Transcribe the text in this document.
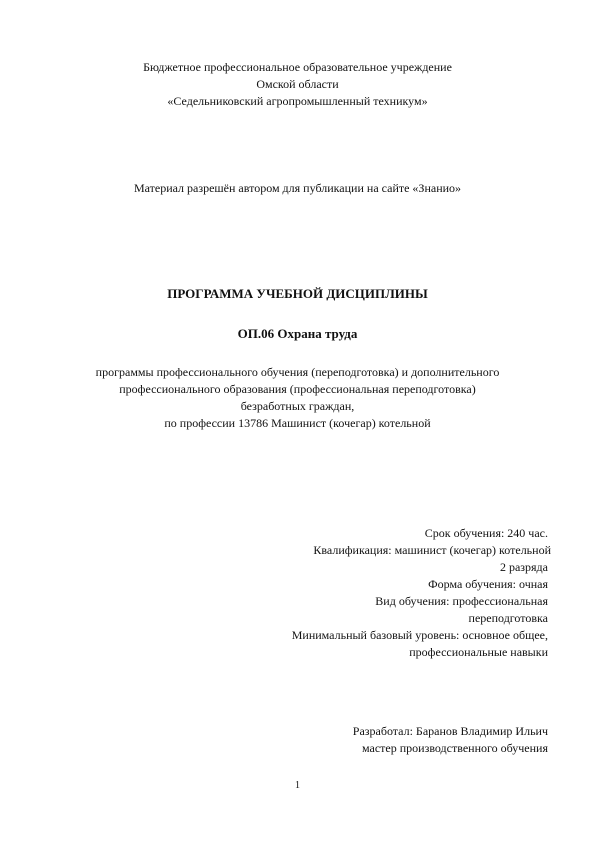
Бюджетное профессиональное образовательное учреждение
Омской области
«Седельниковский агропромышленный техникум»
Материал разрешён автором для публикации на сайте «Знанио»
ПРОГРАММА УЧЕБНОЙ ДИСЦИПЛИНЫ
ОП.06 Охрана труда
программы профессионального обучения (переподготовка) и дополнительного
профессионального образования (профессиональная переподготовка)
безработных граждан,
по профессии 13786 Машинист (кочегар) котельной
Срок обучения: 240 час.
Квалификация: машинист (кочегар) котельной
2 разряда
Форма обучения: очная
Вид обучения: профессиональная
переподготовка
Минимальный базовый уровень: основное общее,
профессиональные навыки
Разработал: Баранов Владимир Ильич
мастер производственного обучения
1
